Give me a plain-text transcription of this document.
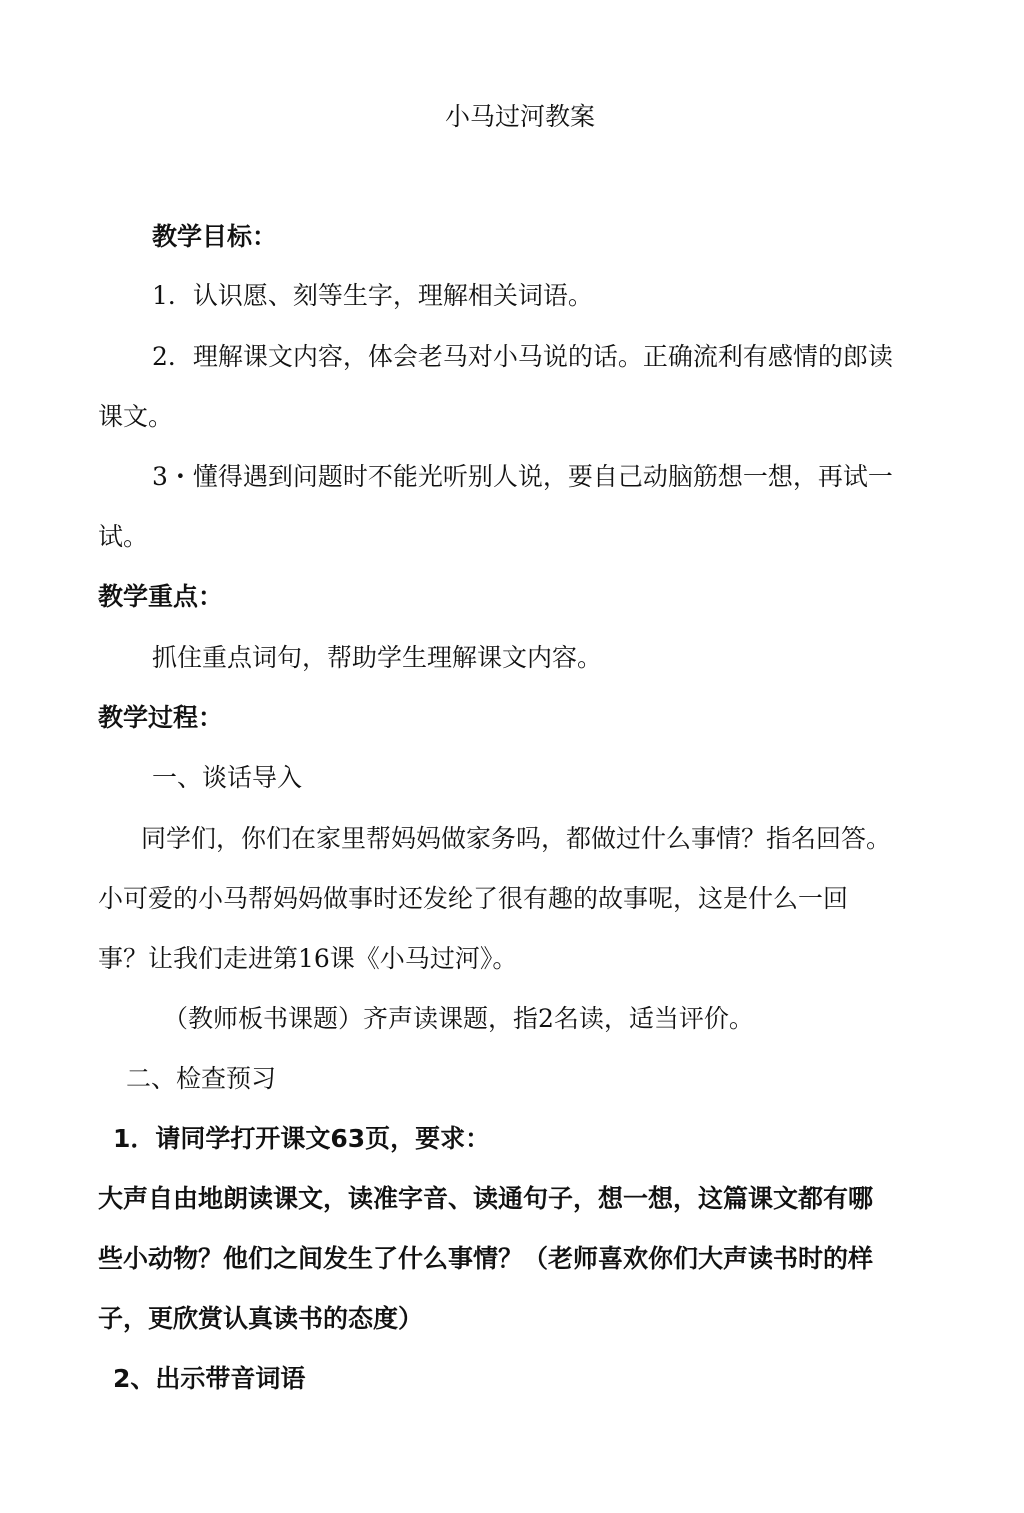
小马过河教案
教学目标：
1．认识愿、刻等生字，理解相关词语。
2．理解课文内容，体会老马对小马说的话。正确流利有感情的郎读
课文。
3・懂得遇到问题时不能光听别人说，要自己动脑筋想一想，再试一
试。
教学重点：
抓住重点词句，帮助学生理解课文内容。
教学过程：
一、谈话导入
同学们，你们在家里帮妈妈做家务吗，都做过什么事情？指名回答。
小可爱的小马帮妈妈做事时还发纶了很有趣的故事呢，这是什么一回
事？让我们走进第16课《小马过河》。
（教师板书课题）齐声读课题，指2名读，适当评价。
二、检查预习
1．请同学打开课文63页，要求：
大声自由地朗读课文，读准字音、读通句子，想一想，这篇课文都有哪
些小动物？他们之间发生了什么事情？（老师喜欢你们大声读书时的样
子，更欣赏认真读书的态度）
2、出示带音词语
